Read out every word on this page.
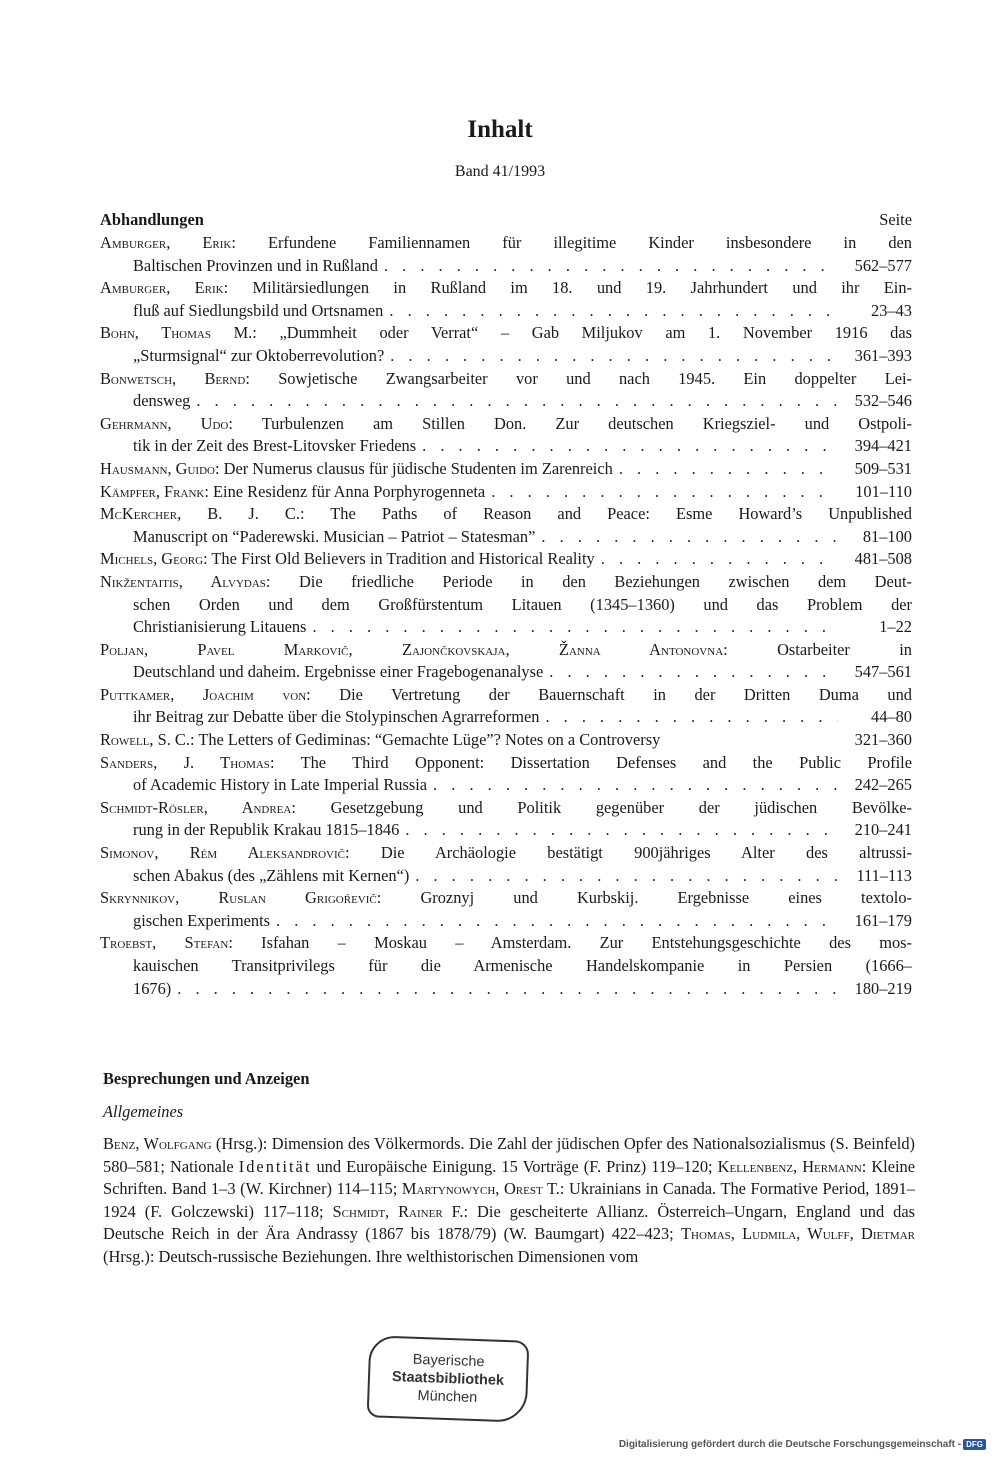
Inhalt
Band 41/1993
Abhandlungen	Seite
Amburger, Erik: Erfundene Familiennamen für illegitime Kinder insbesondere in den
Baltischen Provinzen und in Rußland . . .	562–577
Amburger, Erik: Militärsiedlungen in Rußland im 18. und 19. Jahrhundert und ihr Ein-
fluß auf Siedlungsbild und Ortsnamen . . .	23–43
Bohn, Thomas M.: „Dummheit oder Verrat“ – Gab Miljukov am 1. November 1916 das
„Sturmsignal“ zur Oktoberrevolution? . . .	361–393
Bonwetsch, Bernd: Sowjetische Zwangsarbeiter vor und nach 1945. Ein doppelter Lei-
densweg . . .	532–546
Gehrmann, Udo: Turbulenzen am Stillen Don. Zur deutschen Kriegsziel- und Ostpoli-
tik in der Zeit des Brest-Litovsker Friedens . . .	394–421
Hausmann, Guido: Der Numerus clausus für jüdische Studenten im Zarenreich . . .	509–531
Kämpfer, Frank: Eine Residenz für Anna Porphyrogenneta . . .	101–110
McKercher, B. J. C.: The Paths of Reason and Peace: Esme Howard’s Unpublished
Manuscript on “Paderewski. Musician – Patriot – Statesman” . . .	81–100
Michels, Georg: The First Old Believers in Tradition and Historical Reality . . .	481–508
Nikžentaitis, Alvydas: Die friedliche Periode in den Beziehungen zwischen dem Deut-
schen Orden und dem Großfürstentum Litauen (1345–1360) und das Problem der
Christianisierung Litauens . . .	1–22
Poljan, Pavel Markovič, Zajončkovskaja, Žanna Antonovna: Ostarbeiter in
Deutschland und daheim. Ergebnisse einer Fragebogenanalyse . . .	547–561
Puttkamer, Joachim von: Die Vertretung der Bauernschaft in der Dritten Duma und
ihr Beitrag zur Debatte über die Stolypinschen Agrarreformen . . .	44–80
Rowell, S. C.: The Letters of Gediminas: “Gemachte Lüge”? Notes on a Controversy	321–360
Sanders, J. Thomas: The Third Opponent: Dissertation Defenses and the Public Profile
of Academic History in Late Imperial Russia . . .	242–265
Schmidt-Rösler, Andrea: Gesetzgebung und Politik gegenüber der jüdischen Bevölke-
rung in der Republik Krakau 1815–1846 . . .	210–241
Simonov, Rém Aleksandrovič: Die Archäologie bestätigt 900jähriges Alter des altrussi-
schen Abakus (des „Zählens mit Kernen“) . . .	111–113
Skrynnikov, Ruslan Grigoŕevič: Groznyj und Kurbskij. Ergebnisse eines textolo-
gischen Experiments . . .	161–179
Troebst, Stefan: Isfahan – Moskau – Amsterdam. Zur Entstehungsgeschichte des mos-
kauischen Transitprivilegs für die Armenische Handelskompanie in Persien (1666–
1676) . . .	180–219
Besprechungen und Anzeigen
Allgemeines
Benz, Wolfgang (Hrsg.): Dimension des Völkermords. Die Zahl der jüdischen Opfer des Nationalsozialismus (S. Beinfeld) 580–581; Nationale Identität und Europäische Einigung. 15 Vorträge (F. Prinz) 119–120; Kellenbenz, Hermann: Kleine Schriften. Band 1–3 (W. Kirchner) 114–115; Martynowych, Orest T.: Ukrainians in Canada. The Formative Period, 1891–1924 (F. Golczewski) 117–118; Schmidt, Rainer F.: Die gescheiterte Allianz. Österreich–Ungarn, England und das Deutsche Reich in der Ära Andrassy (1867 bis 1878/79) (W. Baumgart) 422–423; Thomas, Ludmila, Wulff, Dietmar (Hrsg.): Deutsch-russische Beziehungen. Ihre welthistorischen Dimensionen vom
Bayerische
Staatsbibliothek
München
Digitalisierung gefördert durch die Deutsche Forschungsgemeinschaft - DFG
